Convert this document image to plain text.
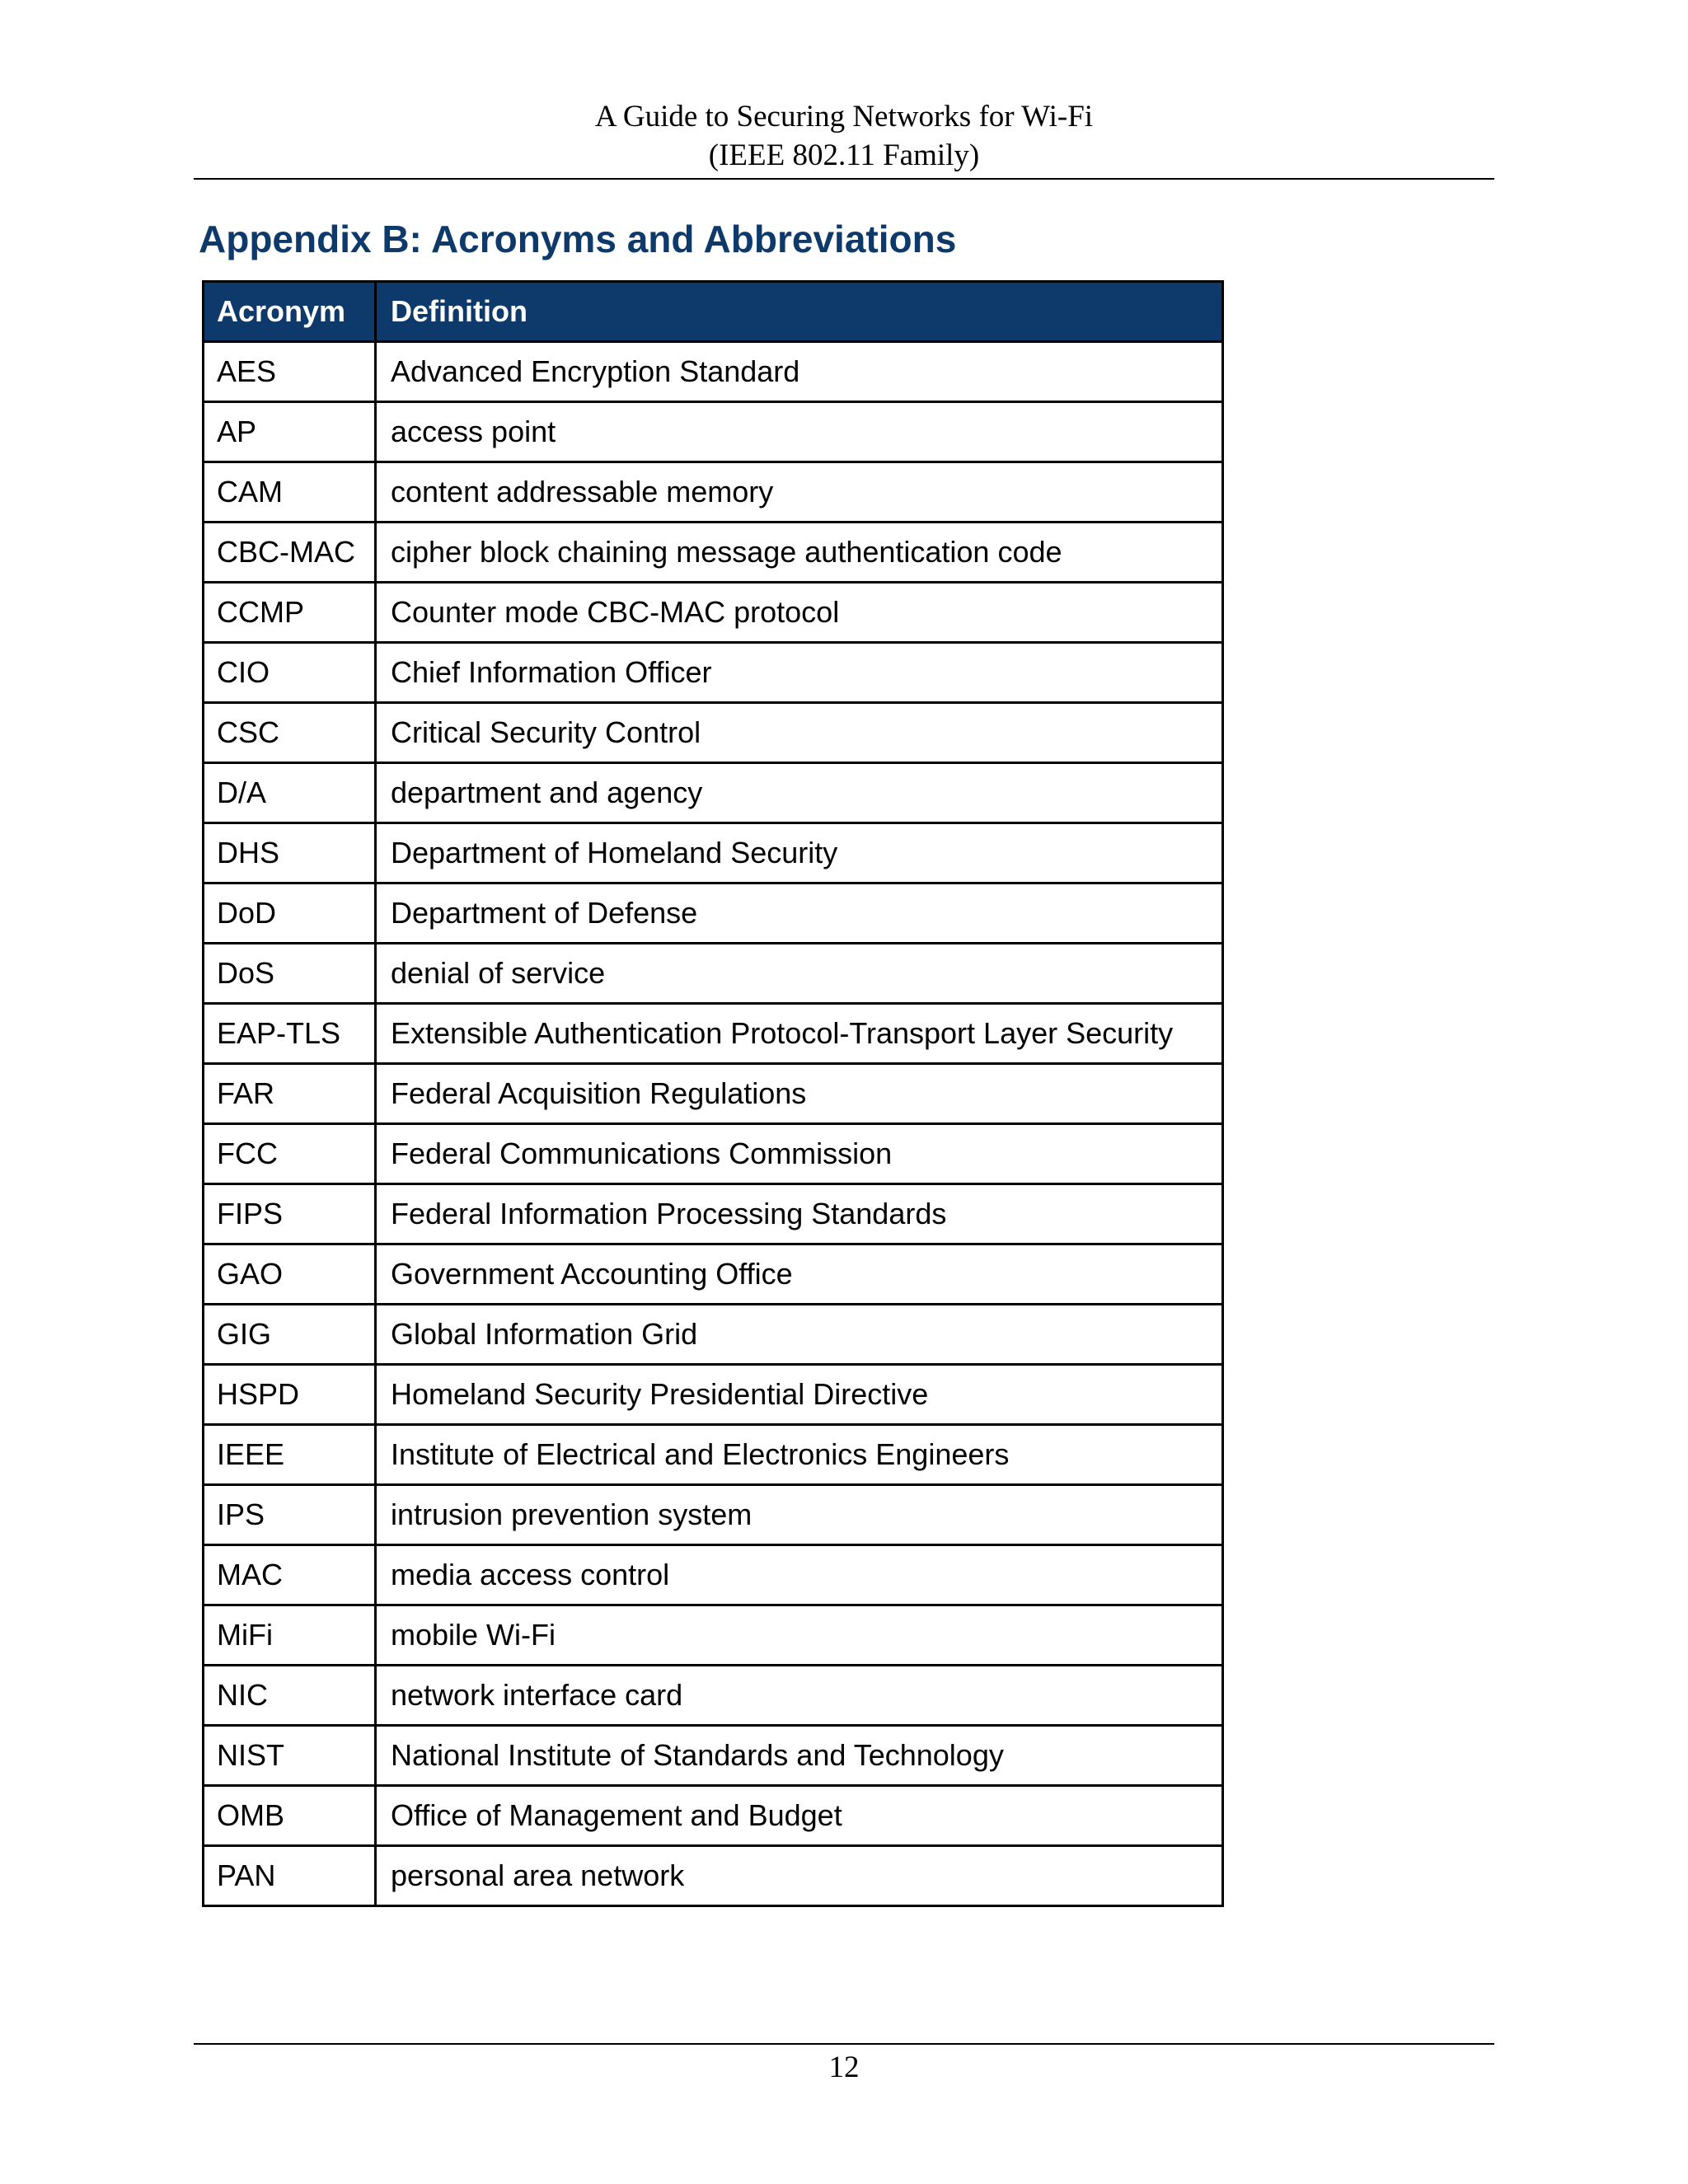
A Guide to Securing Networks for Wi-Fi
(IEEE 802.11 Family)
Appendix B: Acronyms and Abbreviations
Acronym	Definition
AES	Advanced Encryption Standard
AP	access point
CAM	content addressable memory
CBC-MAC	cipher block chaining message authentication code
CCMP	Counter mode CBC-MAC protocol
CIO	Chief Information Officer
CSC	Critical Security Control
D/A	department and agency
DHS	Department of Homeland Security
DoD	Department of Defense
DoS	denial of service
EAP-TLS	Extensible Authentication Protocol-Transport Layer Security
FAR	Federal Acquisition Regulations
FCC	Federal Communications Commission
FIPS	Federal Information Processing Standards
GAO	Government Accounting Office
GIG	Global Information Grid
HSPD	Homeland Security Presidential Directive
IEEE	Institute of Electrical and Electronics Engineers
IPS	intrusion prevention system
MAC	media access control
MiFi	mobile Wi-Fi
NIC	network interface card
NIST	National Institute of Standards and Technology
OMB	Office of Management and Budget
PAN	personal area network
12
